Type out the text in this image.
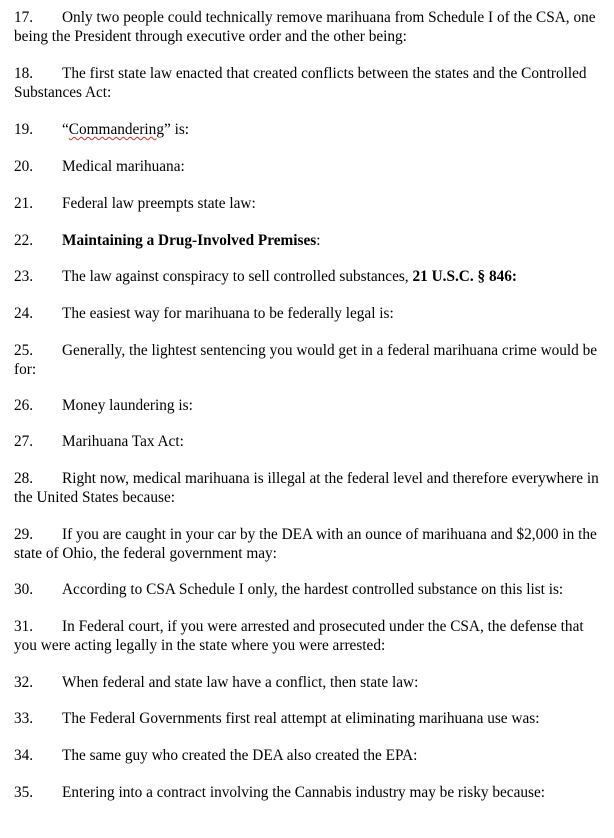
17. Only two people could technically remove marihuana from Schedule I of the CSA, one being the President through executive order and the other being:

18. The first state law enacted that created conflicts between the states and the Controlled Substances Act:

19. “Commandering” is:

20. Medical marihuana:

21. Federal law preempts state law:

22. Maintaining a Drug-Involved Premises:

23. The law against conspiracy to sell controlled substances, 21 U.S.C. § 846:

24. The easiest way for marihuana to be federally legal is:

25. Generally, the lightest sentencing you would get in a federal marihuana crime would be for:

26. Money laundering is:

27. Marihuana Tax Act:

28. Right now, medical marihuana is illegal at the federal level and therefore everywhere in the United States because:

29. If you are caught in your car by the DEA with an ounce of marihuana and $2,000 in the state of Ohio, the federal government may:

30. According to CSA Schedule I only, the hardest controlled substance on this list is:

31. In Federal court, if you were arrested and prosecuted under the CSA, the defense that you were acting legally in the state where you were arrested:

32. When federal and state law have a conflict, then state law:

33. The Federal Governments first real attempt at eliminating marihuana use was:

34. The same guy who created the DEA also created the EPA:

35. Entering into a contract involving the Cannabis industry may be risky because:
